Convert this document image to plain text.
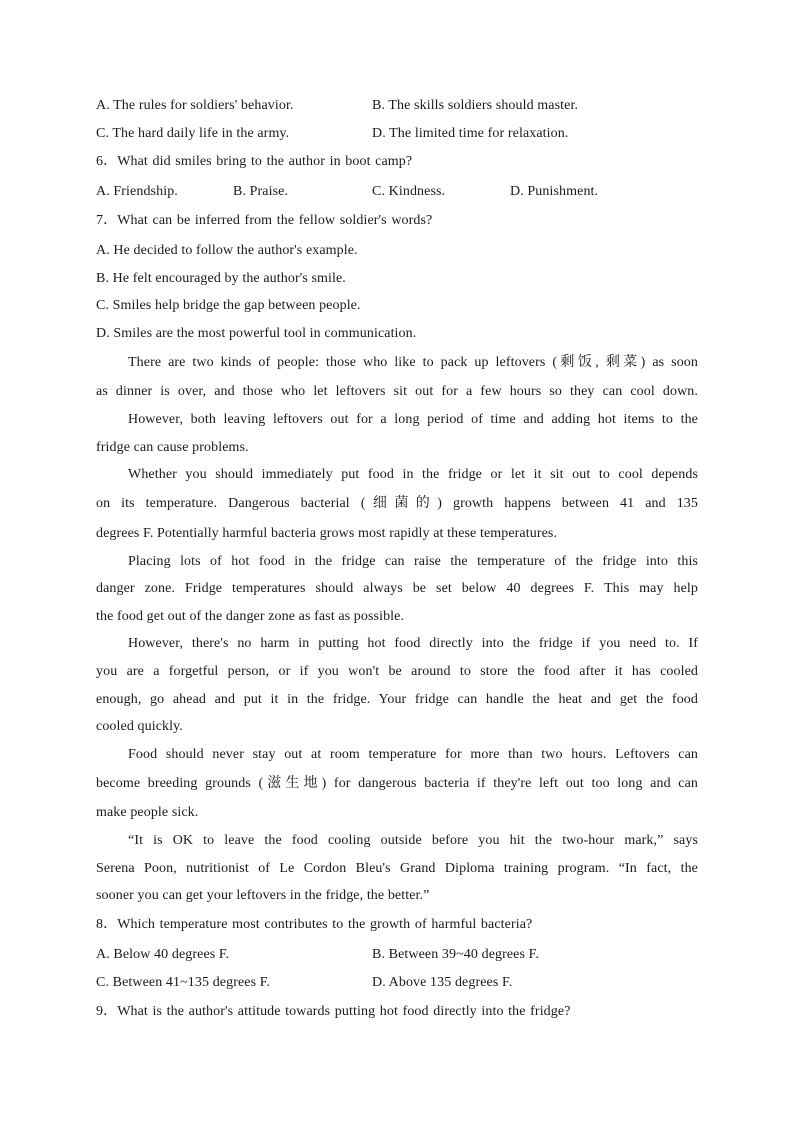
A. The rules for soldiers' behavior.	B. The skills soldiers should master.
C. The hard daily life in the army.	D. The limited time for relaxation.
6．What did smiles bring to the author in boot camp?
A. Friendship.	B. Praise.	C. Kindness.	D. Punishment.
7．What can be inferred from the fellow soldier's words?
A. He decided to follow the author's example.
B. He felt encouraged by the author's smile.
C. Smiles help bridge the gap between people.
D. Smiles are the most powerful tool in communication.
There are two kinds of people: those who like to pack up leftovers (剩饭, 剩菜) as soon
as dinner is over, and those who let leftovers sit out for a few hours so they can cool down.
However, both leaving leftovers out for a long period of time and adding hot items to the
fridge can cause problems.
Whether you should immediately put food in the fridge or let it sit out to cool depends
on its temperature. Dangerous bacterial (细菌的) growth happens between 41 and 135
degrees F. Potentially harmful bacteria grows most rapidly at these temperatures.
Placing lots of hot food in the fridge can raise the temperature of the fridge into this
danger zone. Fridge temperatures should always be set below 40 degrees F. This may help
the food get out of the danger zone as fast as possible.
However, there's no harm in putting hot food directly into the fridge if you need to. If
you are a forgetful person, or if you won't be around to store the food after it has cooled
enough, go ahead and put it in the fridge. Your fridge can handle the heat and get the food
cooled quickly.
Food should never stay out at room temperature for more than two hours. Leftovers can
become breeding grounds (滋生地) for dangerous bacteria if they're left out too long and can
make people sick.
“It is OK to leave the food cooling outside before you hit the two-hour mark,” says
Serena Poon, nutritionist of Le Cordon Bleu's Grand Diploma training program. “In fact, the
sooner you can get your leftovers in the fridge, the better.”
8．Which temperature most contributes to the growth of harmful bacteria?
A. Below 40 degrees F.	B. Between 39~40 degrees F.
C. Between 41~135 degrees F.	D. Above 135 degrees F.
9．What is the author's attitude towards putting hot food directly into the fridge?
